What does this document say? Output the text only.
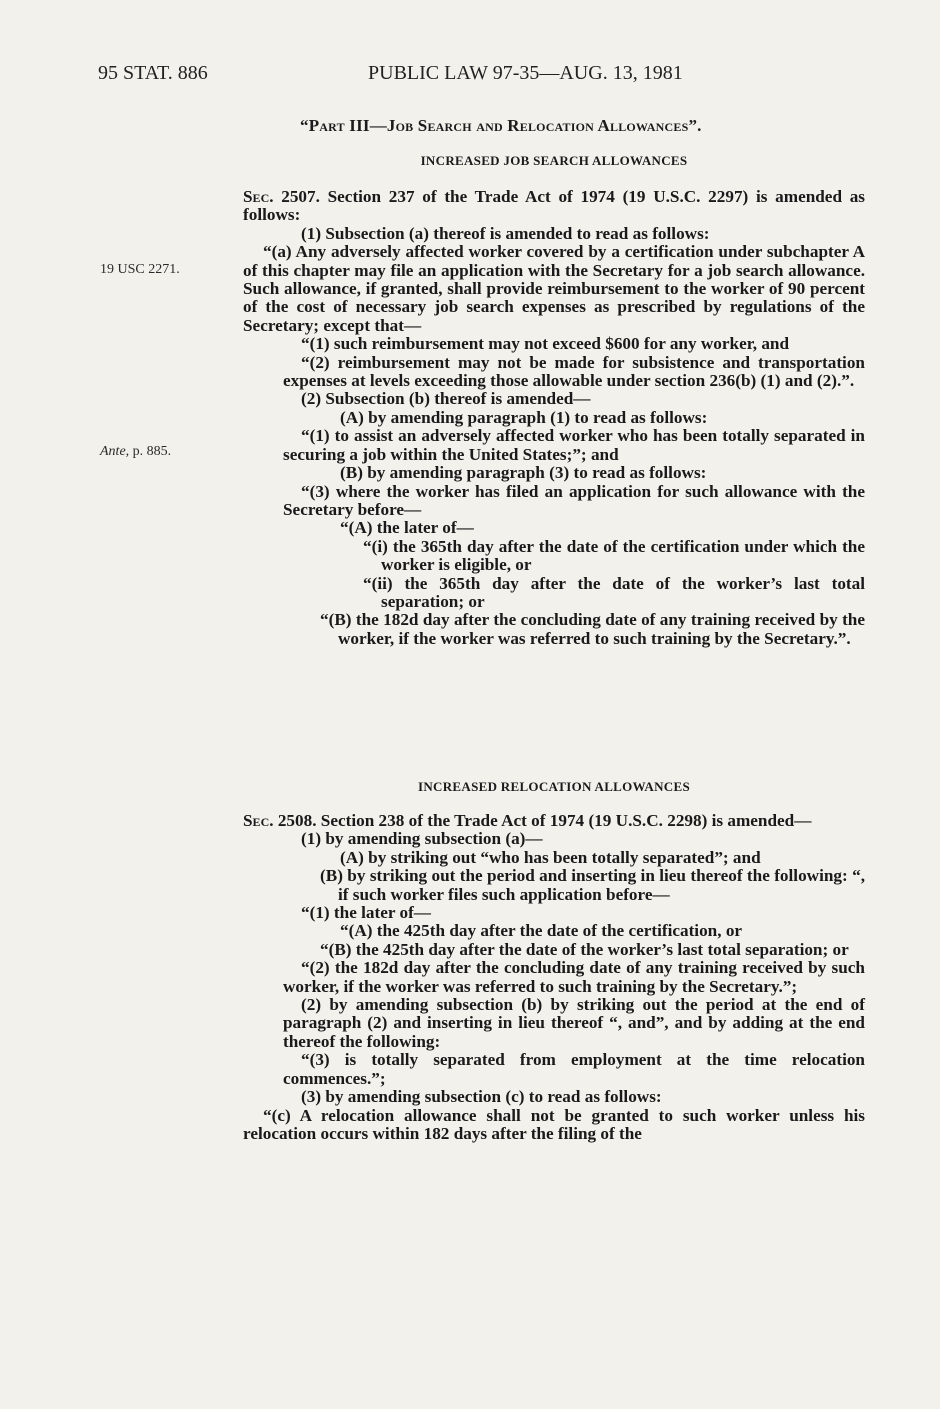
95 STAT. 886	PUBLIC LAW 97-35—AUG. 13, 1981
“Part III—Job Search and Relocation Allowances”.
INCREASED JOB SEARCH ALLOWANCES
19 USC 2271.
Ante, p. 885.

Sec. 2507. Section 237 of the Trade Act of 1974 (19 U.S.C. 2297) is amended as follows:

(1) Subsection (a) thereof is amended to read as follows:

“(a) Any adversely affected worker covered by a certification under subchapter A of this chapter may file an application with the Secretary for a job search allowance. Such allowance, if granted, shall provide reimbursement to the worker of 90 percent of the cost of necessary job search expenses as prescribed by regulations of the Secretary; except that—

“(1) such reimbursement may not exceed $600 for any worker, and

“(2) reimbursement may not be made for subsistence and transportation expenses at levels exceeding those allowable under section 236(b) (1) and (2).”.

(2) Subsection (b) thereof is amended—

(A) by amending paragraph (1) to read as follows:

“(1) to assist an adversely affected worker who has been totally separated in securing a job within the United States;”; and

(B) by amending paragraph (3) to read as follows:

“(3) where the worker has filed an application for such allowance with the Secretary before—

“(A) the later of—

“(i) the 365th day after the date of the certification under which the worker is eligible, or

“(ii) the 365th day after the date of the worker’s last total separation; or

“(B) the 182d day after the concluding date of any training received by the worker, if the worker was referred to such training by the Secretary.”.

INCREASED RELOCATION ALLOWANCES

Sec. 2508. Section 238 of the Trade Act of 1974 (19 U.S.C. 2298) is amended—

(1) by amending subsection (a)—

(A) by striking out “who has been totally separated”; and

(B) by striking out the period and inserting in lieu thereof the following: “, if such worker files such application before—

“(1) the later of—

“(A) the 425th day after the date of the certification, or

“(B) the 425th day after the date of the worker’s last total separation; or

“(2) the 182d day after the concluding date of any training received by such worker, if the worker was referred to such training by the Secretary.”;

(2) by amending subsection (b) by striking out the period at the end of paragraph (2) and inserting in lieu thereof “, and”, and by adding at the end thereof the following:

“(3) is totally separated from employment at the time relocation commences.”;

(3) by amending subsection (c) to read as follows:

“(c) A relocation allowance shall not be granted to such worker unless his relocation occurs within 182 days after the filing of the
